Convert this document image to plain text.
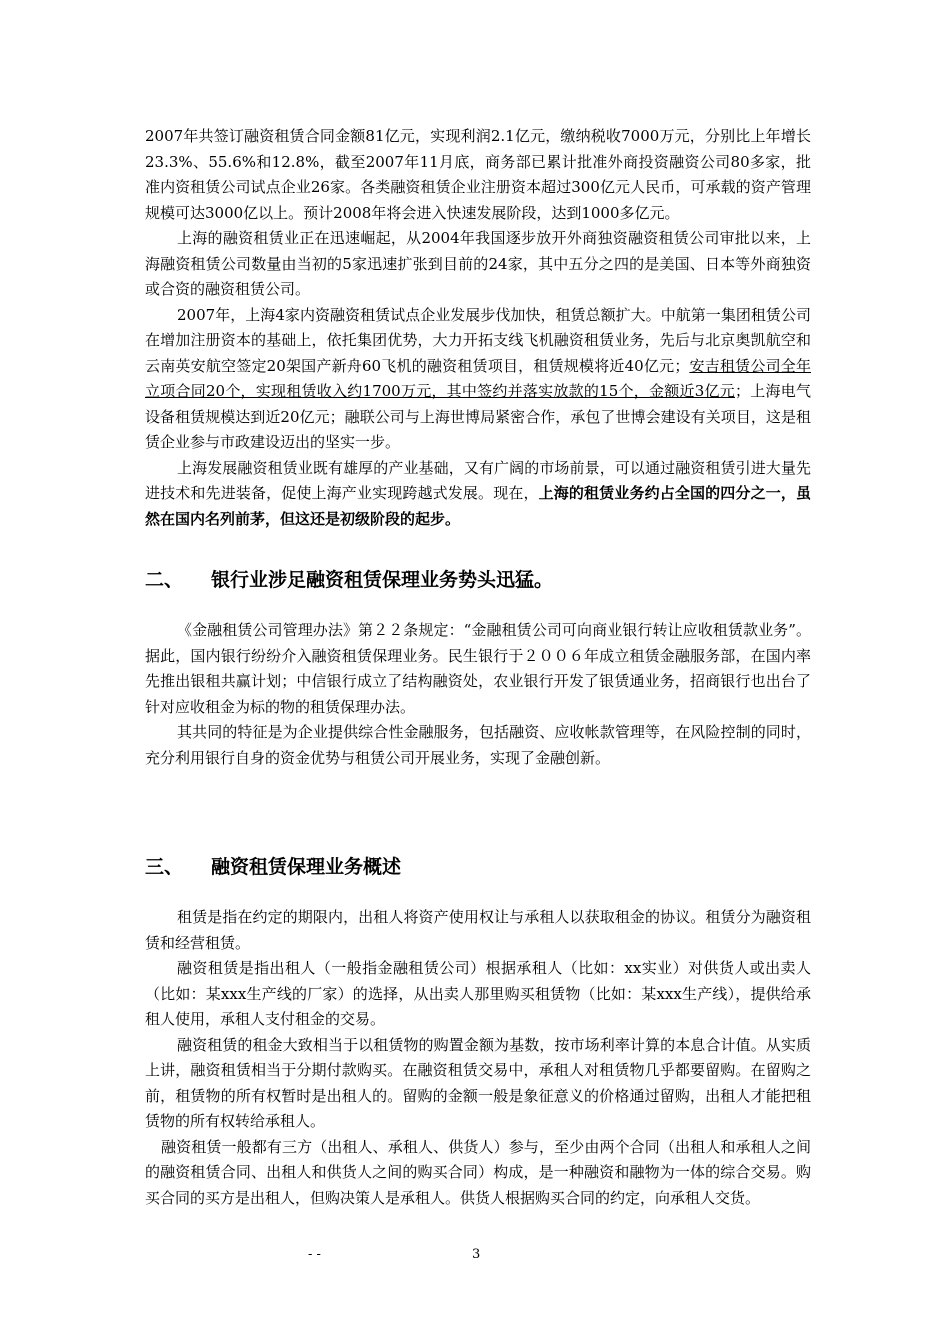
2007年共签订融资租赁合同金额81亿元，实现利润2.1亿元，缴纳税收7000万元，分别比上年增长23.3%、55.6%和12.8%，截至2007年11月底，商务部已累计批准外商投资融资公司80多家，批准内资租赁公司试点企业26家。各类融资租赁企业注册资本超过300亿元人民币，可承载的资产管理规模可达3000亿以上。预计2008年将会进入快速发展阶段，达到1000多亿元。

上海的融资租赁业正在迅速崛起，从2004年我国逐步放开外商独资融资租赁公司审批以来，上海融资租赁公司数量由当初的5家迅速扩张到目前的24家，其中五分之四的是美国、日本等外商独资或合资的融资租赁公司。

2007年，上海4家内资融资租赁试点企业发展步伐加快，租赁总额扩大。中航第一集团租赁公司在增加注册资本的基础上，依托集团优势，大力开拓支线飞机融资租赁业务，先后与北京奥凯航空和云南英安航空签定20架国产新舟60飞机的融资租赁项目，租赁规模将近40亿元；安吉租赁公司全年立项合同20个，实现租赁收入约1700万元，其中签约并落实放款的15个，金额近3亿元；上海电气设备租赁规模达到近20亿元；融联公司与上海世博局紧密合作，承包了世博会建设有关项目，这是租赁企业参与市政建设迈出的坚实一步。

上海发展融资租赁业既有雄厚的产业基础，又有广阔的市场前景，可以通过融资租赁引进大量先进技术和先进装备，促使上海产业实现跨越式发展。现在，上海的租赁业务约占全国的四分之一，虽然在国内名列前茅，但这还是初级阶段的起步。

二、	银行业涉足融资租赁保理业务势头迅猛。

《金融租赁公司管理办法》第２２条规定：“金融租赁公司可向商业银行转让应收租赁款业务”。据此，国内银行纷纷介入融资租赁保理业务。民生银行于２００６年成立租赁金融服务部，在国内率先推出银租共赢计划；中信银行成立了结构融资处，农业银行开发了银赁通业务，招商银行也出台了针对应收租金为标的物的租赁保理办法。

其共同的特征是为企业提供综合性金融服务，包括融资、应收帐款管理等，在风险控制的同时，充分利用银行自身的资金优势与租赁公司开展业务，实现了金融创新。

三、	融资租赁保理业务概述

租赁是指在约定的期限内，出租人将资产使用权让与承租人以获取租金的协议。租赁分为融资租赁和经营租赁。

融资租赁是指出租人（一般指金融租赁公司）根据承租人（比如：xx实业）对供货人或出卖人（比如：某xxx生产线的厂家）的选择，从出卖人那里购买租赁物（比如：某xxx生产线），提供给承租人使用，承租人支付租金的交易。

融资租赁的租金大致相当于以租赁物的购置金额为基数，按市场利率计算的本息合计值。从实质上讲，融资租赁相当于分期付款购买。在融资租赁交易中，承租人对租赁物几乎都要留购。在留购之前，租赁物的所有权暂时是出租人的。留购的金额一般是象征意义的价格通过留购，出租人才能把租赁物的所有权转给承租人。

融资租赁一般都有三方（出租人、承租人、供货人）参与，至少由两个合同（出租人和承租人之间的融资租赁合同、出租人和供货人之间的购买合同）构成，是一种融资和融物为一体的综合交易。购买合同的买方是出租人，但购决策人是承租人。供货人根据购买合同的约定，向承租人交货。

- -	3
